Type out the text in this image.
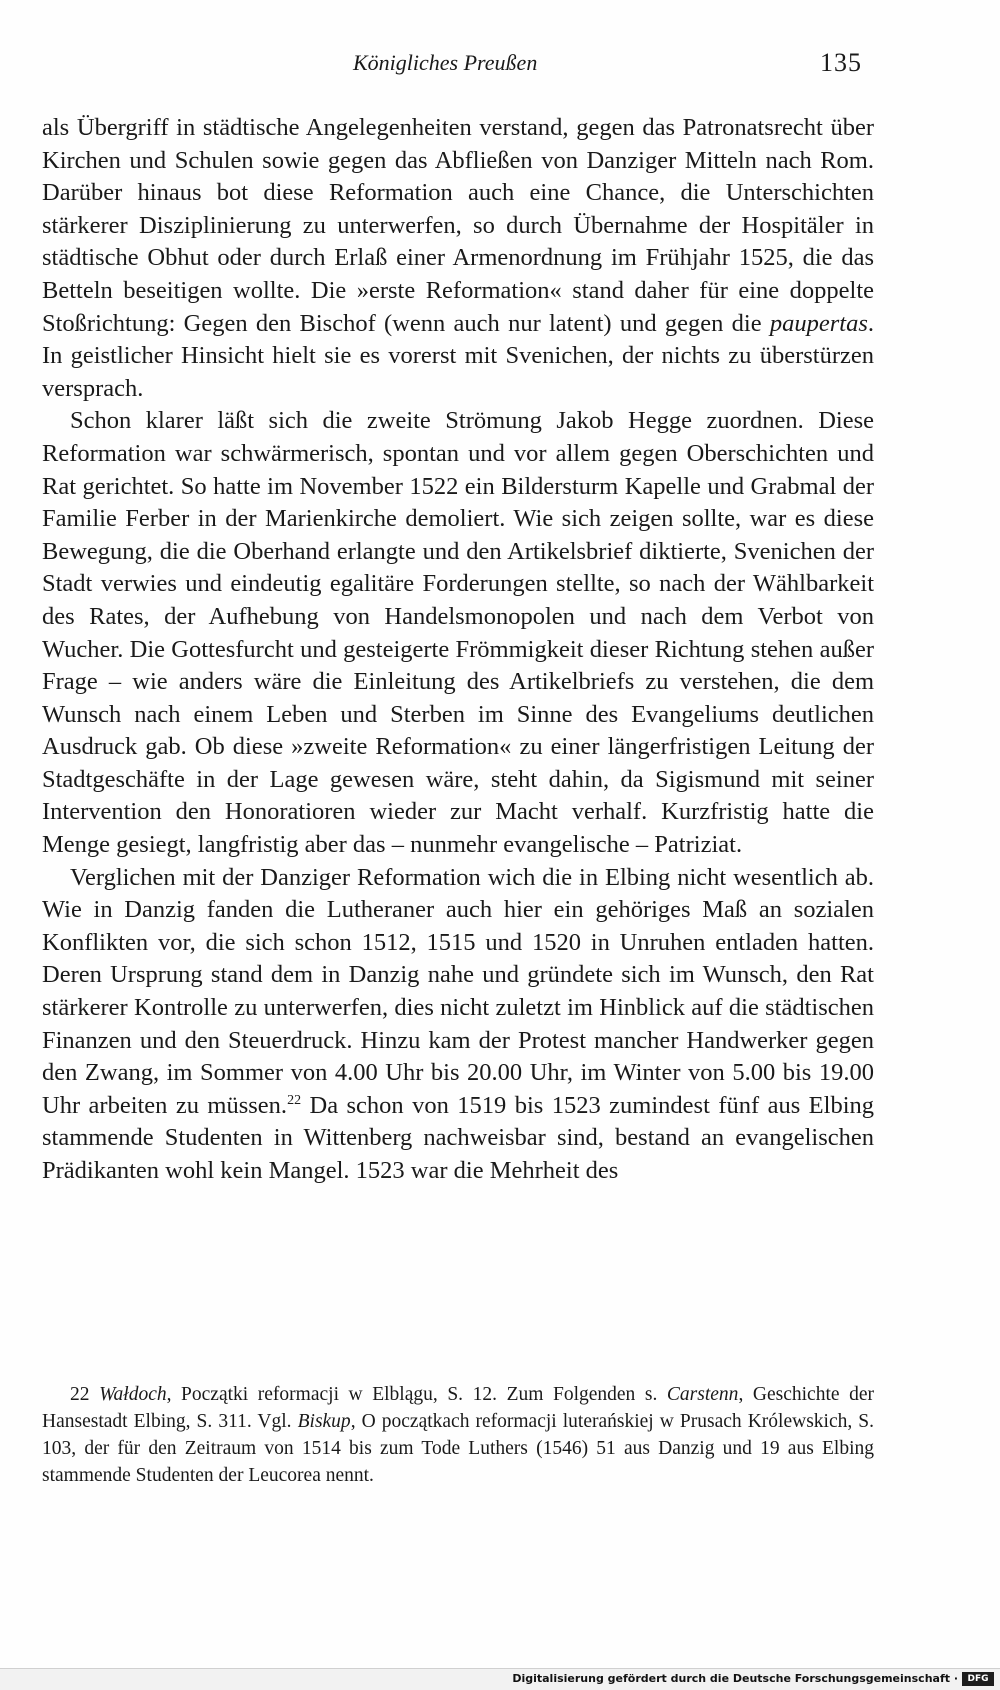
Königliches Preußen	135

als Übergriff in städtische Angelegenheiten verstand, gegen das Patronatsrecht über Kirchen und Schulen sowie gegen das Abfließen von Danziger Mitteln nach Rom. Darüber hinaus bot diese Reformation auch eine Chance, die Unterschichten stärkerer Disziplinierung zu unterwerfen, so durch Übernahme der Hospitäler in städtische Obhut oder durch Erlaß einer Armenordnung im Frühjahr 1525, die das Betteln beseitigen wollte. Die »erste Reformation« stand daher für eine doppelte Stoßrichtung: Gegen den Bischof (wenn auch nur latent) und gegen die paupertas. In geistlicher Hinsicht hielt sie es vorerst mit Svenichen, der nichts zu überstürzen versprach.

Schon klarer läßt sich die zweite Strömung Jakob Hegge zuordnen. Diese Reformation war schwärmerisch, spontan und vor allem gegen Oberschichten und Rat gerichtet. So hatte im November 1522 ein Bildersturm Kapelle und Grabmal der Familie Ferber in der Marienkirche demoliert. Wie sich zeigen sollte, war es diese Bewegung, die die Oberhand erlangte und den Artikelsbrief diktierte, Svenichen der Stadt verwies und eindeutig egalitäre Forderungen stellte, so nach der Wählbarkeit des Rates, der Aufhebung von Handelsmonopolen und nach dem Verbot von Wucher. Die Gottesfurcht und gesteigerte Frömmigkeit dieser Richtung stehen außer Frage – wie anders wäre die Einleitung des Artikelbriefs zu verstehen, die dem Wunsch nach einem Leben und Sterben im Sinne des Evangeliums deutlichen Ausdruck gab. Ob diese »zweite Reformation« zu einer längerfristigen Leitung der Stadtgeschäfte in der Lage gewesen wäre, steht dahin, da Sigismund mit seiner Intervention den Honoratioren wieder zur Macht verhalf. Kurzfristig hatte die Menge gesiegt, langfristig aber das – nunmehr evangelische – Patriziat.

Verglichen mit der Danziger Reformation wich die in Elbing nicht wesentlich ab. Wie in Danzig fanden die Lutheraner auch hier ein gehöriges Maß an sozialen Konflikten vor, die sich schon 1512, 1515 und 1520 in Unruhen entladen hatten. Deren Ursprung stand dem in Danzig nahe und gründete sich im Wunsch, den Rat stärkerer Kontrolle zu unterwerfen, dies nicht zuletzt im Hinblick auf die städtischen Finanzen und den Steuerdruck. Hinzu kam der Protest mancher Handwerker gegen den Zwang, im Sommer von 4.00 Uhr bis 20.00 Uhr, im Winter von 5.00 bis 19.00 Uhr arbeiten zu müssen.$^{22}$ Da schon von 1519 bis 1523 zumindest fünf aus Elbing stammende Studenten in Wittenberg nachweisbar sind, bestand an evangelischen Prädikanten wohl kein Mangel. 1523 war die Mehrheit des

22 Wałdoch, Początki reformacji w Elblągu, S. 12. Zum Folgenden s. Carstenn, Geschichte der Hansestadt Elbing, S. 311. Vgl. Biskup, O początkach reformacji luterańskiej w Prusach Królewskich, S. 103, der für den Zeitraum von 1514 bis zum Tode Luthers (1546) 51 aus Danzig und 19 aus Elbing stammende Studenten der Leucorea nennt.
Digitalisierung gefördert durch die Deutsche Forschungsgemeinschaft ·	DFG
